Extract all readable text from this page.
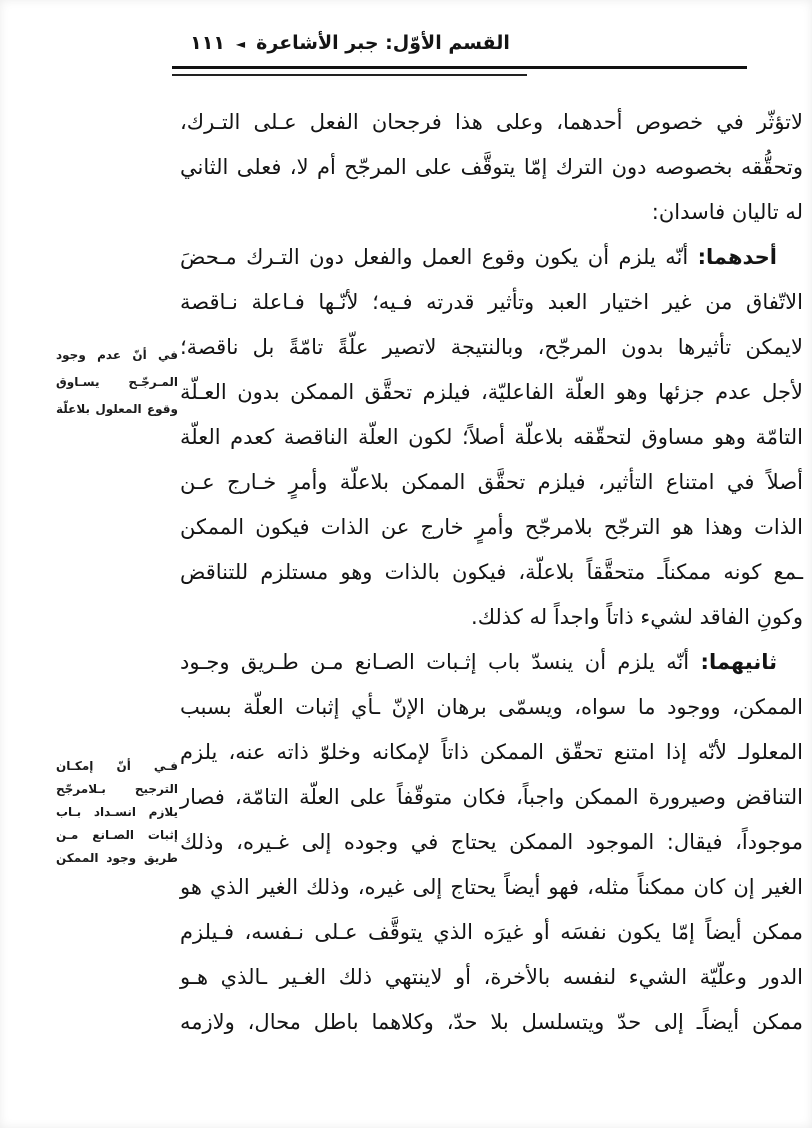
القسم الأوّل: جبر الأشاعرة
◄
١١١
لاتؤثّر في خصوص أحدهما، وعلى هذا فرجحان الفعل عـلى التـرك،
وتحقُّقه بخصوصه دون الترك إمّا يتوقَّف على المرجّح أم لا، فعلى الثاني
له تاليان فاسدان:
أحدهما: أنّه يلزم أن يكون وقوع العمل والفعل دون التـرك مـحضَ
الاتّفاق من غير اختيار العبد وتأثير قدرته فـيه؛ لأنّـها فـاعلة نـاقصة
لايمكن تأثيرها بدون المرجّح، وبالنتيجة لاتصير علّةً تامّةً بل ناقصة؛
لأجل عدم جزئها وهو العلّة الفاعليّة، فيلزم تحقَّق الممكن بدون العـلّة
التامّة وهو مساوق لتحقّقه بلاعلّة أصلاً؛ لكون العلّة الناقصة كعدم العلّة
أصلاً في امتناع التأثير، فيلزم تحقَّق الممكن بلاعلّة وأمرٍ خـارج عـن
الذات وهذا هو الترجّح بلامرجّح وأمرٍ خارج عن الذات فيكون الممكن
ـمع كونه ممكناًـ متحقَّقاً بلاعلّة، فيكون بالذات وهو مستلزم للتناقض
وكونِ الفاقد لشيء ذاتاً واجداً له كذلك.
ثانيهما: أنّه يلزم أن ينسدّ باب إثـبات الصـانع مـن طـريق وجـود
الممكن، ووجود ما سواه، ويسمّى برهان الإنّ ـأي إثبات العلّة بسبب
المعلولـ لأنّه إذا امتنع تحقّق الممكن ذاتاً لإمكانه وخلوّ ذاته عنه، يلزم
التناقض وصيرورة الممكن واجباً، فكان متوقّفاً على العلّة التامّة، فصار
موجوداً، فيقال: الموجود الممكن يحتاج في وجوده إلى غـيره، وذلك
الغير إن كان ممكناً مثله، فهو أيضاً يحتاج إلى غيره، وذلك الغير الذي هو
ممكن أيضاً إمّا يكون نفسَه أو غيرَه الذي يتوقَّف عـلى نـفسه، فـيلزم
الدور وعلّيّة الشيء لنفسه بالأخرة، أو لاينتهي ذلك الغـير ـالذي هـو
ممكن أيضاًـ إلى حدّ ويتسلسل بلا حدّ، وكلاهما باطل محال، ولازمه
في أنّ عدم وجود
المـرجّـح يسـاوق
وقوع المعلول بلاعلّة
فـي أنّ إمكـان
الترجيح بـلامرجّح
يلازم انسـداد بـاب
إثبات الصـانع مـن
طريق وجود الممكن
